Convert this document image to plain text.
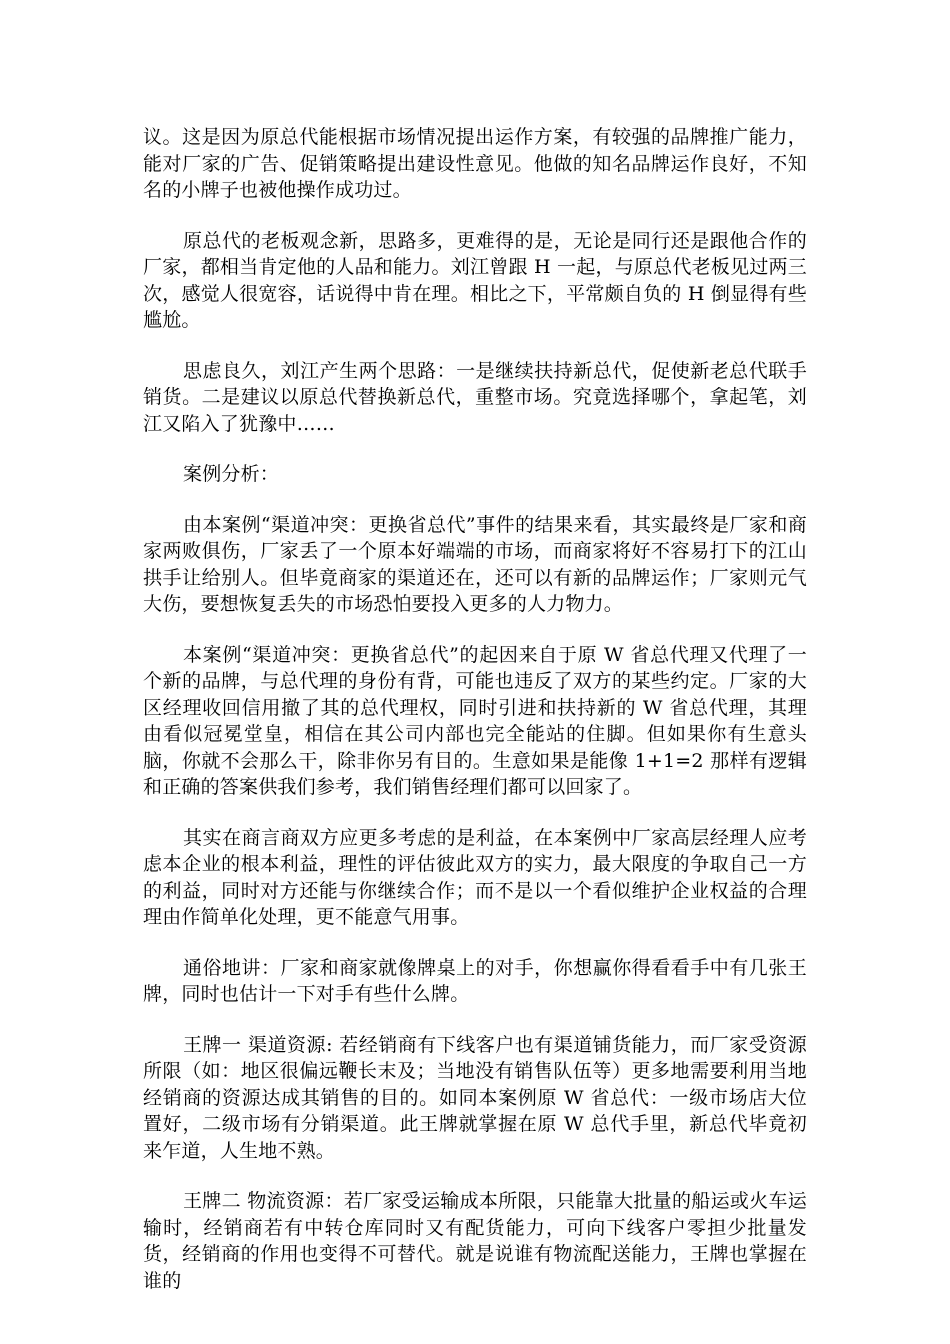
议。这是因为原总代能根据市场情况提出运作方案，有较强的品牌推广能力，能对厂家的广告、促销策略提出建设性意见。他做的知名品牌运作良好，不知名的小牌子也被他操作成功过。

原总代的老板观念新，思路多，更难得的是，无论是同行还是跟他合作的厂家，都相当肯定他的人品和能力。刘江曾跟 H 一起，与原总代老板见过两三次，感觉人很宽容，话说得中肯在理。相比之下，平常颇自负的 H 倒显得有些尴尬。

思虑良久，刘江产生两个思路：一是继续扶持新总代，促使新老总代联手销货。二是建议以原总代替换新总代，重整市场。究竟选择哪个，拿起笔，刘江又陷入了犹豫中……

案例分析：

由本案例“渠道冲突：更换省总代”事件的结果来看，其实最终是厂家和商家两败俱伤，厂家丢了一个原本好端端的市场，而商家将好不容易打下的江山拱手让给别人。但毕竟商家的渠道还在，还可以有新的品牌运作；厂家则元气大伤，要想恢复丢失的市场恐怕要投入更多的人力物力。

本案例“渠道冲突：更换省总代”的起因来自于原 W 省总代理又代理了一个新的品牌，与总代理的身份有背，可能也违反了双方的某些约定。厂家的大区经理收回信用撤了其的总代理权，同时引进和扶持新的 W 省总代理，其理由看似冠冕堂皇，相信在其公司内部也完全能站的住脚。但如果你有生意头脑，你就不会那么干，除非你另有目的。生意如果是能像 1+1=2 那样有逻辑和正确的答案供我们参考，我们销售经理们都可以回家了。

其实在商言商双方应更多考虑的是利益，在本案例中厂家高层经理人应考虑本企业的根本利益，理性的评估彼此双方的实力，最大限度的争取自己一方的利益，同时对方还能与你继续合作；而不是以一个看似维护企业权益的合理理由作简单化处理，更不能意气用事。

通俗地讲：厂家和商家就像牌桌上的对手，你想赢你得看看手中有几张王牌，同时也估计一下对手有些什么牌。

王牌一 渠道资源: 若经销商有下线客户也有渠道铺货能力，而厂家受资源所限（如：地区很偏远鞭长末及；当地没有销售队伍等）更多地需要利用当地经销商的资源达成其销售的目的。如同本案例原 W 省总代：一级市场店大位置好，二级市场有分销渠道。此王牌就掌握在原 W 总代手里，新总代毕竟初来乍道，人生地不熟。

王牌二 物流资源：若厂家受运输成本所限，只能靠大批量的船运或火车运输时，经销商若有中转仓库同时又有配货能力，可向下线客户零担少批量发货，经销商的作用也变得不可替代。就是说谁有物流配送能力，王牌也掌握在谁的
